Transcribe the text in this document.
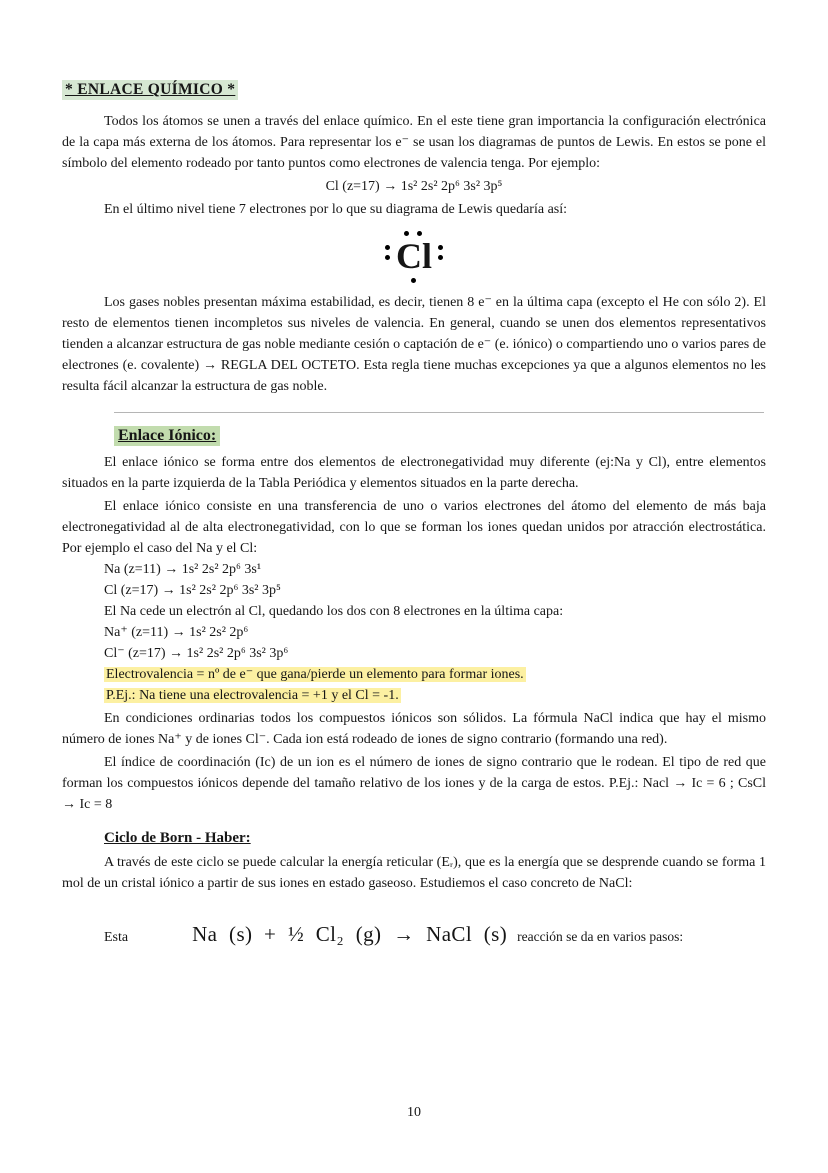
* ENLACE QUÍMICO *

Todos los átomos se unen a través del enlace químico. En el este tiene gran importancia la configuración electrónica de la capa más externa de los átomos. Para representar los e⁻ se usan los diagramas de puntos de Lewis. En estos se pone el símbolo del elemento rodeado por tanto puntos como electrones de valencia tenga. Por ejemplo:

Cl (z=17) → 1s² 2s² 2p⁶ 3s² 3p⁵

En el último nivel tiene 7 electrones por lo que su diagrama de Lewis quedaría así:

Cl

Los gases nobles presentan máxima estabilidad, es decir, tienen 8 e⁻ en la última capa (excepto el He con sólo 2). El resto de elementos tienen incompletos sus niveles de valencia. En general, cuando se unen dos elementos representativos tienden a alcanzar estructura de gas noble mediante cesión o captación de e⁻ (e. iónico) o compartiendo uno o varios pares de electrones (e. covalente) → REGLA DEL OCTETO. Esta regla tiene muchas excepciones ya que a algunos elementos no les resulta fácil alcanzar la estructura de gas noble.

Enlace Iónico:

El enlace iónico se forma entre dos elementos de electronegatividad muy diferente (ej:Na y Cl), entre elementos situados en la parte izquierda de la Tabla Periódica y elementos situados en la parte derecha.

El enlace iónico consiste en una transferencia de uno o varios electrones del átomo del elemento de más baja electronegatividad al de alta electronegatividad, con lo que se forman los iones quedan unidos por atracción electrostática. Por ejemplo el caso del Na y el Cl:

Na (z=11) → 1s² 2s² 2p⁶ 3s¹
Cl (z=17) → 1s² 2s² 2p⁶ 3s² 3p⁵
El Na cede un electrón al Cl, quedando los dos con 8 electrones en la última capa:
Na⁺ (z=11) → 1s² 2s² 2p⁶
Cl⁻ (z=17) → 1s² 2s² 2p⁶ 3s² 3p⁶
Electrovalencia = nº de e⁻ que gana/pierde un elemento para formar iones.
P.Ej.: Na tiene una electrovalencia = +1 y el Cl = -1.

En condiciones ordinarias todos los compuestos iónicos son sólidos. La fórmula NaCl indica que hay el mismo número de iones Na⁺ y de iones Cl⁻. Cada ion está rodeado de iones de signo contrario (formando una red).

El índice de coordinación (Ic) de un ion es el número de iones de signo contrario que le rodean. El tipo de red que forman los compuestos iónicos depende del tamaño relativo de los iones y de la carga de estos. P.Ej.: Nacl → Ic = 6 ; CsCl → Ic = 8

Ciclo de Born - Haber:

A través de este ciclo se puede calcular la energía reticular (Eᵣ), que es la energía que se desprende cuando se forma 1 mol de un cristal iónico a partir de sus iones en estado gaseoso. Estudiemos el caso concreto de NaCl:

Esta	Na (s) + ½ Cl₂ (g) → NaCl (s) reacción se da en varios pasos:
10
